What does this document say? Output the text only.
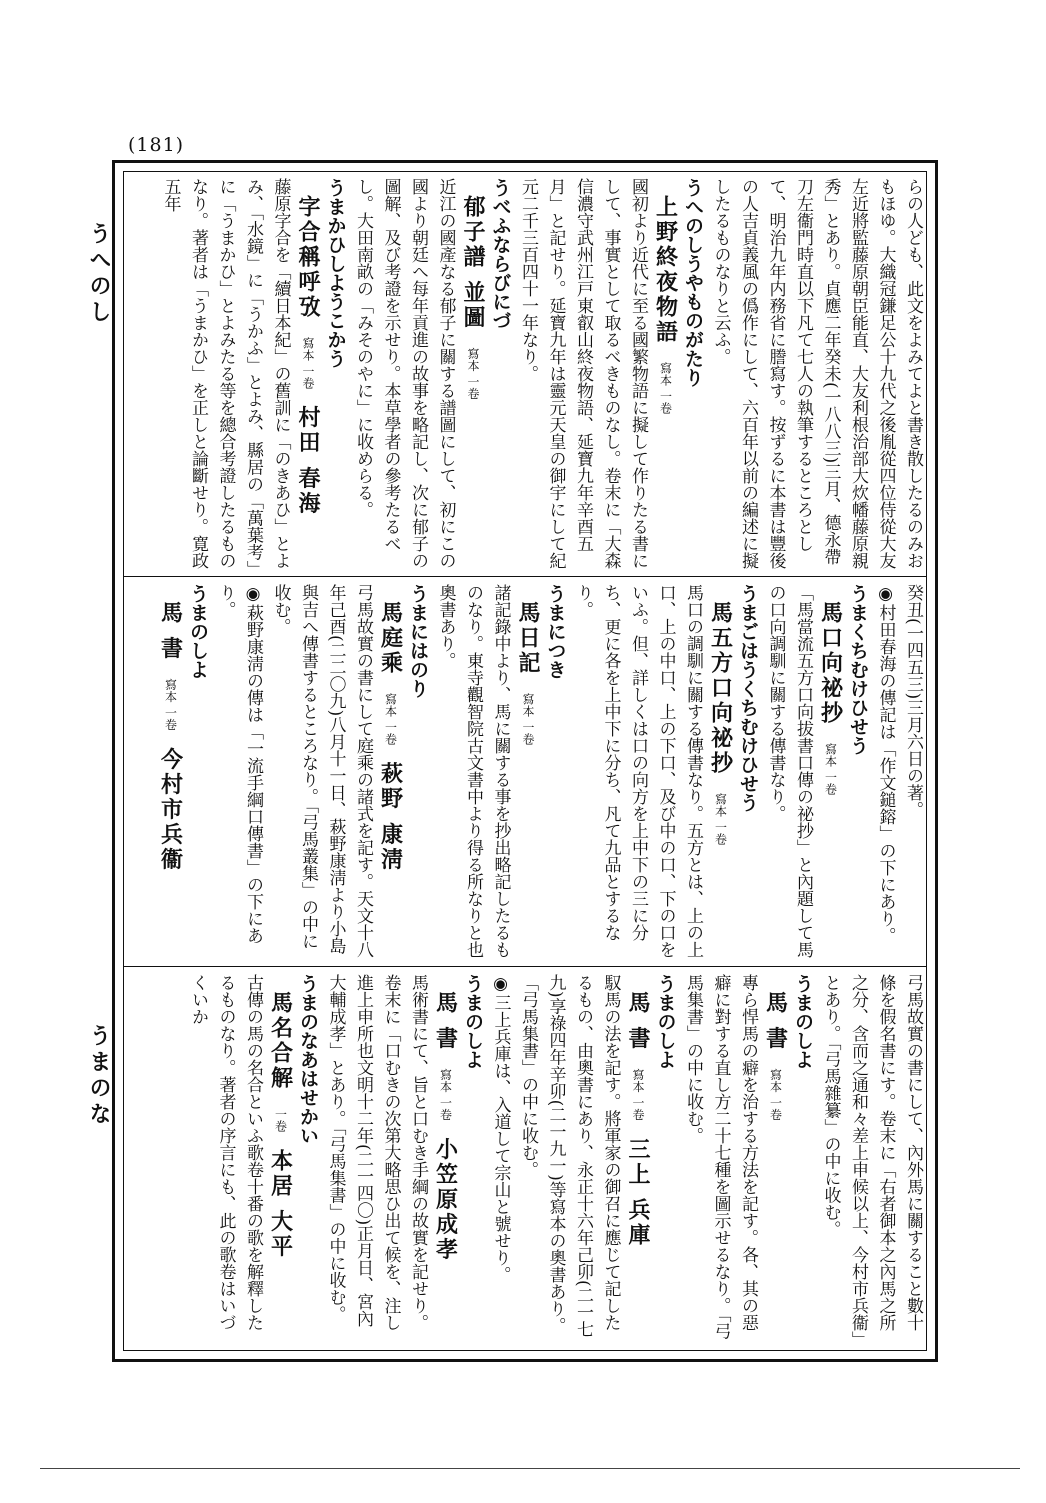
(181)
うへのし
うまのな

らの人ども、此文をよみてよと書き散したるのみおもほゆ。大織冠鎌足公十九代之後胤從四位侍從大友左近將監藤原朝臣能直、大友利根治部大炊幡藤原親秀」とあり。貞應二年癸未(一八八三)三月、德永帶刀左衞門時直以下凡て七人の執筆するところとして、明治九年内務省に謄寫す。按ずるに本書は豐後の人吉貞義風の僞作にして、六百年以前の編述に擬したるものなりと云ふ。

うへのしうやものがたり

　上野終夜物語　寫本 一卷

國初より近代に至る國繁物語に擬して作りたる書にして、事實として取るべきものなし。卷末に「大森信濃守武州江戸東叡山終夜物語、延寶九年辛酉五月」と記せり。延寶九年は靈元天皇の御宇にして紀元二千三百四十一年なり。

うべふならびにづ

　郁子譜 並圖　寫本 一卷

近江の國產なる郁子に關する譜圖にして、初にこの國より朝廷へ每年貢進の故事を略記し、次に郁子の圖解、及び考證を示せり。本草學者の參考たるべし。大田南畝の「みそのやに」に收めらる。

うまかひしようこかう

　字合稱呼攷　寫本 一卷　村田 春海

藤原字合を「續日本紀」の舊訓に「のきあひ」とよみ、「水鏡」に「うかふ」とよみ、縣居の「萬葉考」に「うまかひ」とよみたる等を總合考證したるものなり。著者は「うまかひ」を正しと論斷せり。寛政五年

癸丑(一四五三)三月六日の著。

◉村田春海の傳記は「作文鎚鎔」の下にあり。

うまくちむけひせう

　馬口向祕抄　寫本 一卷

「馬當流五方口向拔書口傳の祕抄」と內題して馬の口向調馴に關する傳書なり。

うまごはうくちむけひせう

　馬五方口向祕抄　寫本 一卷

馬口の調馴に關する傳書なり。五方とは、上の上口、上の中口、上の下口、及び中の口、下の口をいふ。但、詳しくは口の向方を上中下の三に分ち、更に各を上中下に分ち、凡て九品とするなり。

うまにつき

　馬日記　寫本 一卷

諸記錄中より、馬に關する事を抄出略記したるものなり。東寺觀智院古文書中より得る所なりと也奧書あり。

うまにはのり

　馬庭乘　寫本 一卷　萩野 康淸

弓馬故實の書にして庭乘の諸式を記す。天文十八年己酉(二二〇九)八月十一日、萩野康淸より小島與吉へ傳書するところなり。「弓馬叢集」の中に收む。

◉萩野康淸の傳は「一流手綱口傳書」の下にあり。

うまのしよ

　馬 書　寫本 一卷　今村市兵衞

弓馬故實の書にして、內外馬に關すること數十條を假名書にす。卷末に「右者御本之內馬之所之分、含而之通和々差上申候以上、今村市兵衞」とあり。「弓馬雜纂」の中に收む。

うまのしよ

　馬 書　寫本 一卷

專ら悍馬の癖を治する方法を記す。各、其の惡癖に對する直し方二十七種を圖示せるなり。「弓馬集書」の中に收む。

うまのしよ

　馬 書　寫本 一卷　三上 兵庫

馭馬の法を記す。將軍家の御召に應じて記したるもの、由奧書にあり、永正十六年己卯(二一七九)享祿四年辛卯(二一九一)等寫本の奧書あり。「弓馬集書」の中に收む。

◉三上兵庫は、入道して宗山と號せり。

うまのしよ

　馬 書　寫本 一卷　小笠原成孝

馬術書にて、旨と口むき手綱の故實を記せり。卷末に「口むきの次第大略思ひ出て候を、注し進上申所也文明十二年(二一四〇)正月日、宮內大輔成孝」とあり。「弓馬集書」の中に收む。

うまのなあはせかい

　馬名合解　一卷　本居 大平

古傳の馬の名合といふ歌卷十番の歌を解釋したるものなり。著者の序言にも、此の歌卷はいづくいか
